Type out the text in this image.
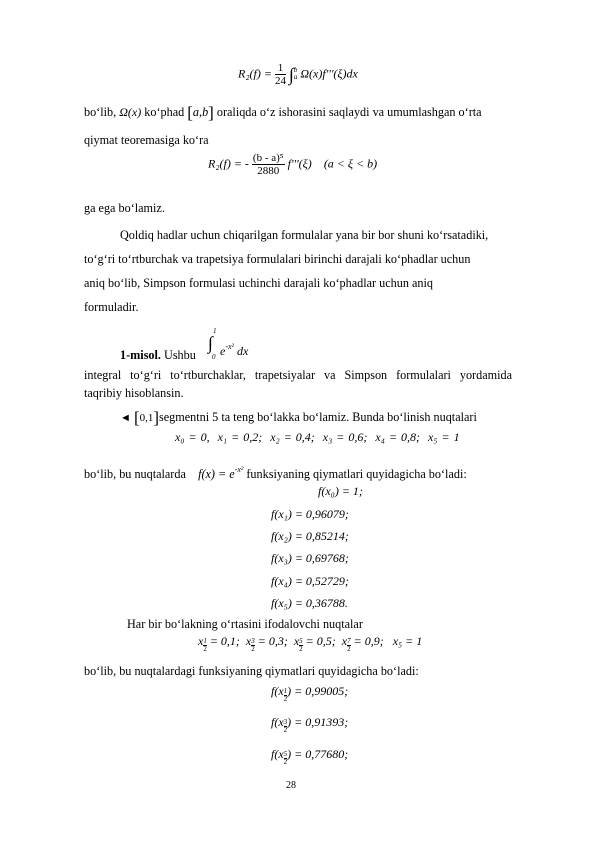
$R_2(f) = \frac{1}{24}$ ∫ b
a Ω(x)f'''(ξ)dx
bo‘lib, Ω(x) ko‘phad [a,b] oraliqda o‘z ishorasini saqlaydi va umumlashgan o‘rta
qiymat teoremasiga ko‘ra
R₂(f) = - $\frac{\text{(b - a)⁵}}{2880} f'''(\xi) (a < \xi < b)$
ga ega bo‘lamiz.
Qoldiq hadlar uchun chiqarilgan formulalar yana bir bor shuni ko‘rsatadiki,
to‘g‘ri to‘rtburchak va trapetsiya formulalari birinchi darajali ko‘phadlar uchun
aniq bo‘lib, Simpson formulasi uchinchi darajali ko‘phadlar uchun aniq
formuladir.
1-misol. Ushbu
1
∫
0 $e^{-x^2}$ dx
integral to‘g‘ri to‘rtburchaklar, trapetsiyalar va Simpson formulalari yordamida
taqribiy hisoblansin.
◄ [0,1]segmentni 5 ta teng bo‘lakka bo‘lamiz. Bunda bo‘linish nuqtalari
x₀ = 0, x₁ = 0,2; x₂ = 0,4; x₃ = 0,6; x₄ = 0,8; x₅ = 1
bo‘lib, bu nuqtalarda $f(x) = e^{-x^2}$ funksiyaning qiymatlari quyidagicha bo‘ladi:
f(x₀) = 1;
f(x₁) = 0,96079;
f(x₂) = 0,85214;
f(x₃) = 0,69768;
f(x₄) = 0,52729;
f(x₅) = 0,36788.
Har bir bo‘lakning o‘rtasini ifodalovchi nuqtalar
x $\frac{1}{2} = 0,1$; x $\frac{3}{2} = 0,3$; x $\frac{5}{2} = 0,5$; x $\frac{7}{2} = 0,9$; x₅ = 1
bo‘lib, bu nuqtalardagi funksiyaning qiymatlari quyidagicha bo‘ladi:
$f(x \frac{1}{2}$ ) = 0,99005;
$f(x \frac{3}{2}$ ) = 0,91393;
$f(x \frac{5}{2}$ ) = 0,77680;
28
